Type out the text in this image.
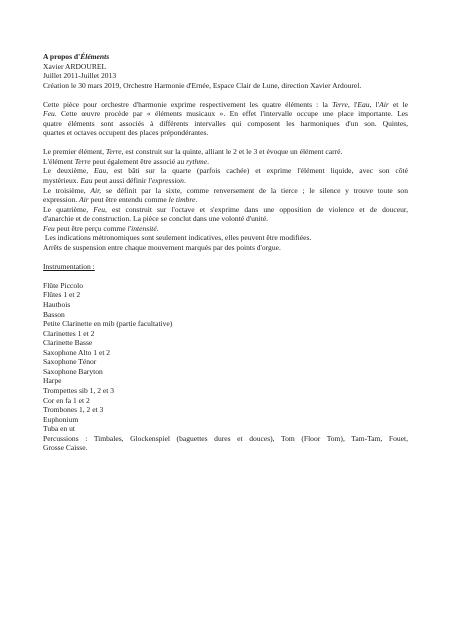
A propos d'Éléments
Xavier ARDOUREL
Juillet 2011-Juillet 2013
Création le 30 mars 2019, Orchestre Harmonie d'Ernée, Espace Clair de Lune, direction Xavier Ardourel.
Cette pièce pour orchestre d'harmonie exprime respectivement les quatre éléments : la Terre, l'Eau, l'Air et le
Feu. Cette œuvre procède par « éléments musicaux ». En effet l'intervalle occupe une place importante. Les
quatre éléments sont associés à différents intervalles qui composent les harmoniques d'un son. Quintes,
quartes et octaves occupent des places prépondérantes.
Le premier élément, Terre, est construit sur la quinte, alliant le 2 et le 3 et évoque un élément carré.
L'élément Terre peut également être associé au rythme.
Le deuxième, Eau, est bâti sur la quarte (parfois cachée) et exprime l'élément liquide, avec son côté
mystérieux. Eau peut aussi définir l'expression.
Le troisième, Air, se définit par la sixte, comme renversement de la tierce ; le silence y trouve toute son
expression. Air peut être entendu comme le timbre.
Le quatrième, Feu, est construit sur l'octave et s'exprime dans une opposition de violence et de douceur,
d'anarchie et de construction. La pièce se conclut dans une volonté d'unité.
Feu peut être perçu comme l'intensité.
Les indications métronomiques sont seulement indicatives, elles peuvent être modifiées.
Arrêts de suspension entre chaque mouvement marqués par des points d'orgue.
Instrumentation :
Flûte Piccolo
Flûtes 1 et 2
Hautbois
Basson
Petite Clarinette en mib (partie facultative)
Clarinettes 1 et 2
Clarinette Basse
Saxophone Alto 1 et 2
Saxophone Ténor
Saxophone Baryton
Harpe
Trompettes sib 1, 2 et 3
Cor en fa 1 et 2
Trombones 1, 2 et 3
Euphonium
Tuba en ut
Percussions : Timbales, Glockenspiel (baguettes dures et douces), Tom (Floor Tom), Tam-Tam, Fouet,
Grosse Caisse.
